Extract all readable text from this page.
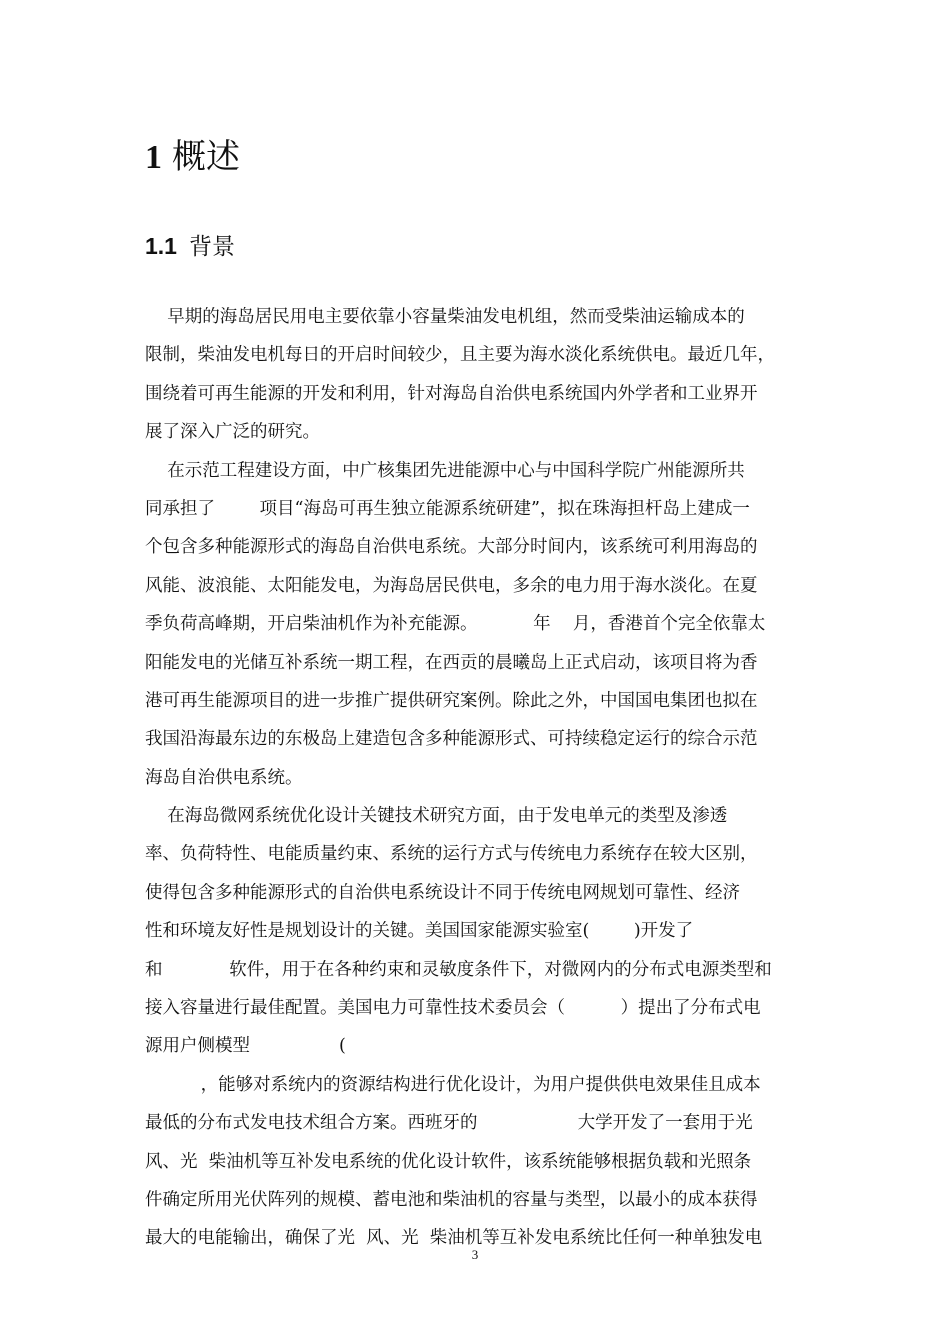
1 概述
1.1 背景
早期的海岛居民用电主要依靠小容量柴油发电机组，然而受柴油运输成本的
限制，柴油发电机每日的开启时间较少，且主要为海水淡化系统供电。最近几年，
围绕着可再生能源的开发和利用，针对海岛自治供电系统国内外学者和工业界开
展了深入广泛的研究。
在示范工程建设方面，中广核集团先进能源中心与中国科学院广州能源所共
同承担了        项目“海岛可再生独立能源系统研建”，拟在珠海担杆岛上建成一
个包含多种能源形式的海岛自治供电系统。大部分时间内，该系统可利用海岛的
风能、波浪能、太阳能发电，为海岛居民供电，多余的电力用于海水淡化。在夏
季负荷高峰期，开启柴油机作为补充能源。          年    月，香港首个完全依靠太
阳能发电的光储互补系统一期工程，在西贡的晨曦岛上正式启动，该项目将为香
港可再生能源项目的进一步推广提供研究案例。除此之外，中国国电集团也拟在
我国沿海最东边的东极岛上建造包含多种能源形式、可持续稳定运行的综合示范
海岛自治供电系统。
在海岛微网系统优化设计关键技术研究方面，由于发电单元的类型及渗透
率、负荷特性、电能质量约束、系统的运行方式与传统电力系统存在较大区别，
使得包含多种能源形式的自治供电系统设计不同于传统电网规划可靠性、经济
性和环境友好性是规划设计的关键。美国国家能源实验室(        )开发了
和            软件，用于在各种约束和灵敏度条件下，对微网内的分布式电源类型和
接入容量进行最佳配置。美国电力可靠性技术委员会（          ）提出了分布式电
源用户侧模型                (
，能够对系统内的资源结构进行优化设计，为用户提供供电效果佳且成本
最低的分布式发电技术组合方案。西班牙的                  大学开发了一套用于光
风、光  柴油机等互补发电系统的优化设计软件，该系统能够根据负载和光照条
件确定所用光伏阵列的规模、蓄电池和柴油机的容量与类型，以最小的成本获得
最大的电能输出，确保了光  风、光  柴油机等互补发电系统比任何一种单独发电
3
